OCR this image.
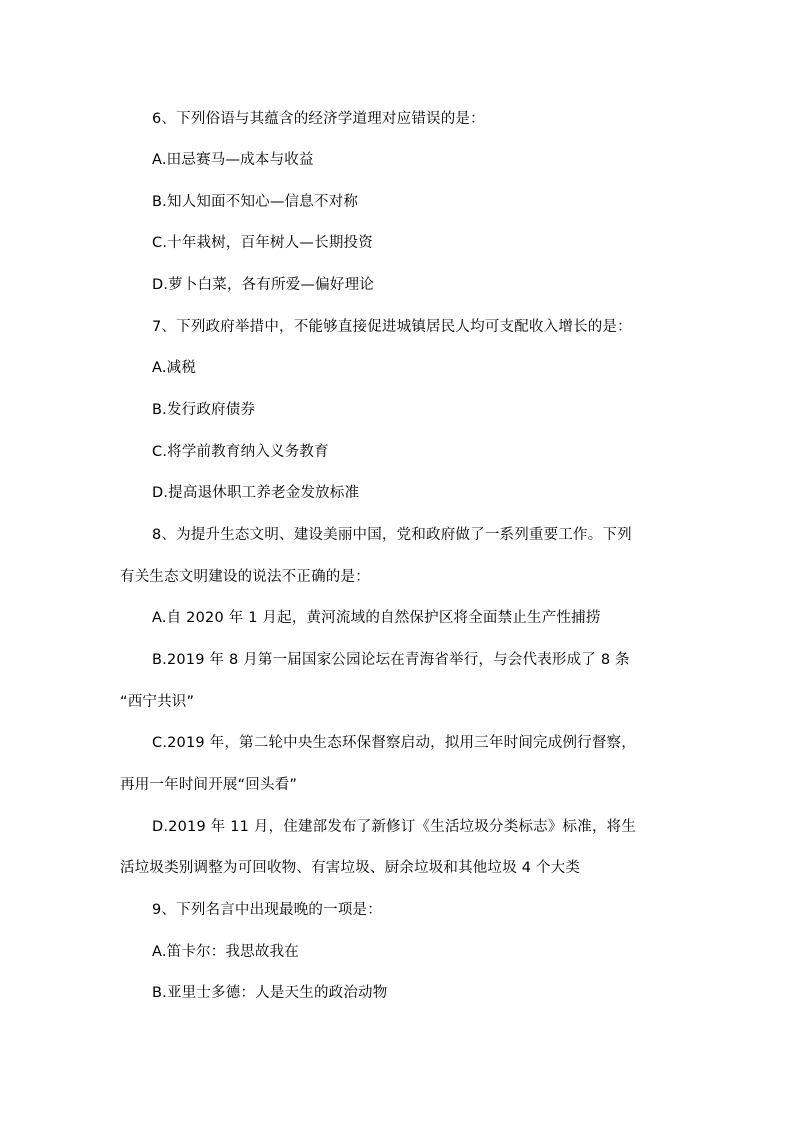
6、下列俗语与其蕴含的经济学道理对应错误的是：
A.田忌赛马—成本与收益
B.知人知面不知心—信息不对称
C.十年栽树，百年树人—长期投资
D.萝卜白菜，各有所爱—偏好理论
7、下列政府举措中，不能够直接促进城镇居民人均可支配收入增长的是：
A.减税
B.发行政府债券
C.将学前教育纳入义务教育
D.提高退休职工养老金发放标准
8、为提升生态文明、建设美丽中国，党和政府做了一系列重要工作。下列
有关生态文明建设的说法不正确的是：
A.自 2020 年 1 月起，黄河流域的自然保护区将全面禁止生产性捕捞
B.2019 年 8 月第一届国家公园论坛在青海省举行，与会代表形成了 8 条
“西宁共识”
C.2019 年，第二轮中央生态环保督察启动，拟用三年时间完成例行督察，
再用一年时间开展“回头看”
D.2019 年 11 月，住建部发布了新修订《生活垃圾分类标志》标准，将生
活垃圾类别调整为可回收物、有害垃圾、厨余垃圾和其他垃圾 4 个大类
9、下列名言中出现最晚的一项是：
A.笛卡尔：我思故我在
B.亚里士多德：人是天生的政治动物
